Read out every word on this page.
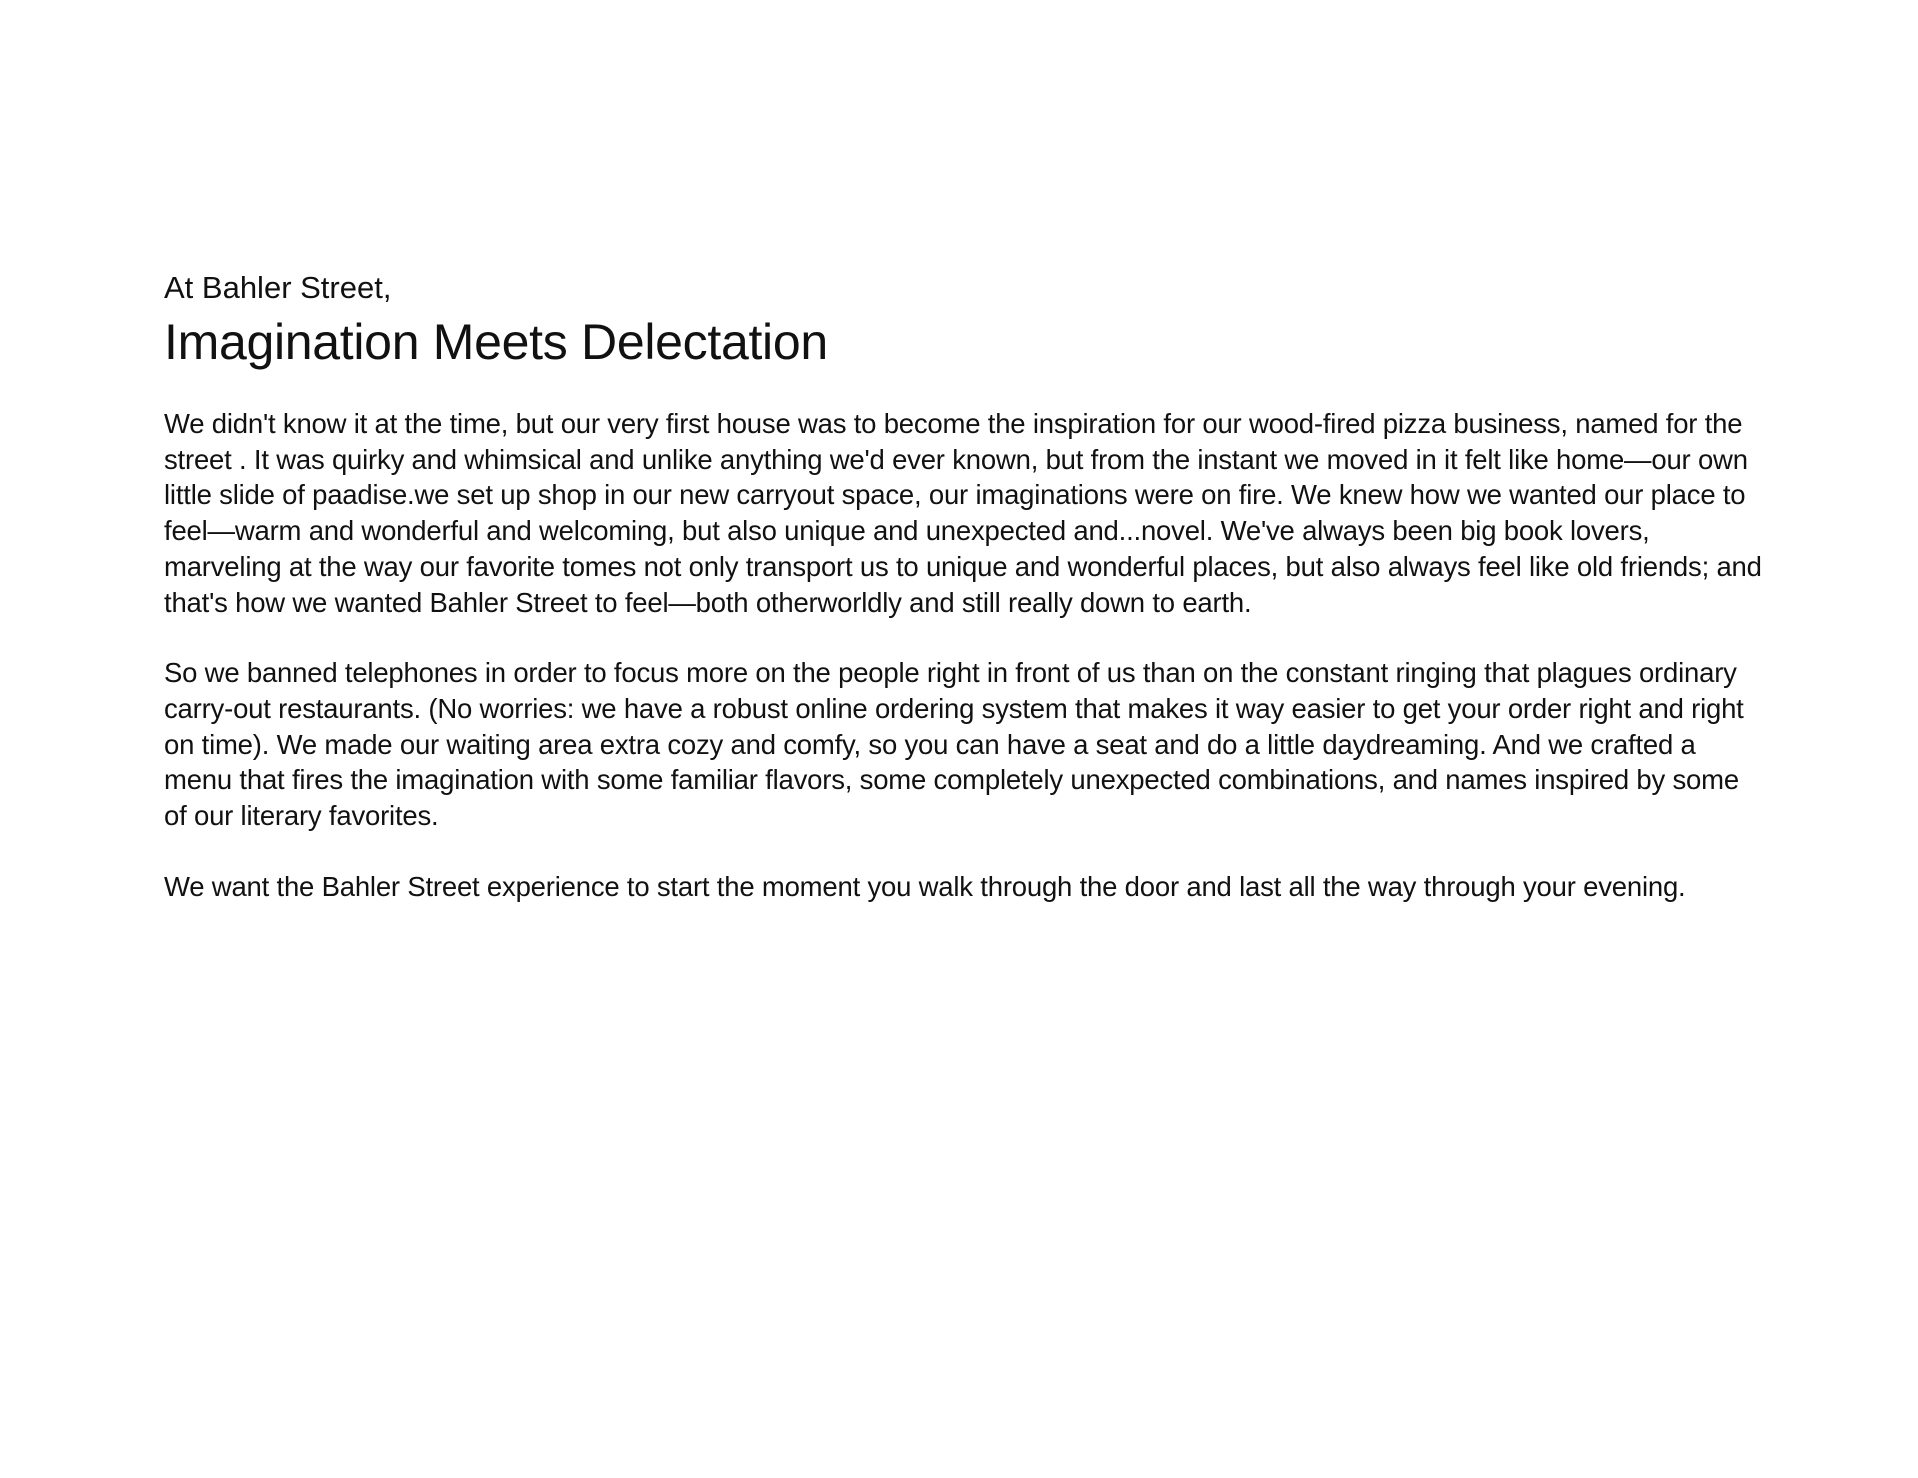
At Bahler Street,
Imagination Meets Delectation

We didn't know it at the time, but our very first house was to become the inspiration for our wood-fired pizza business, named for the street . It was quirky and whimsical and unlike anything we'd ever known, but from the instant we moved in it felt like home—our own little slide of paadise.we set up shop in our new carryout space, our imaginations were on fire. We knew how we wanted our place to feel—warm and wonderful and welcoming, but also unique and unexpected and...novel. We've always been big book lovers, marveling at the way our favorite tomes not only transport us to unique and wonderful places, but also always feel like old friends; and that's how we wanted Bahler Street to feel—both otherworldly and still really down to earth.

So we banned telephones in order to focus more on the people right in front of us than on the constant ringing that plagues ordinary carry-out restaurants. (No worries: we have a robust online ordering system that makes it way easier to get your order right and right on time). We made our waiting area extra cozy and comfy, so you can have a seat and do a little daydreaming. And we crafted a menu that fires the imagination with some familiar flavors, some completely unexpected combinations, and names inspired by some of our literary favorites.

We want the Bahler Street experience to start the moment you walk through the door and last all the way through your evening.
